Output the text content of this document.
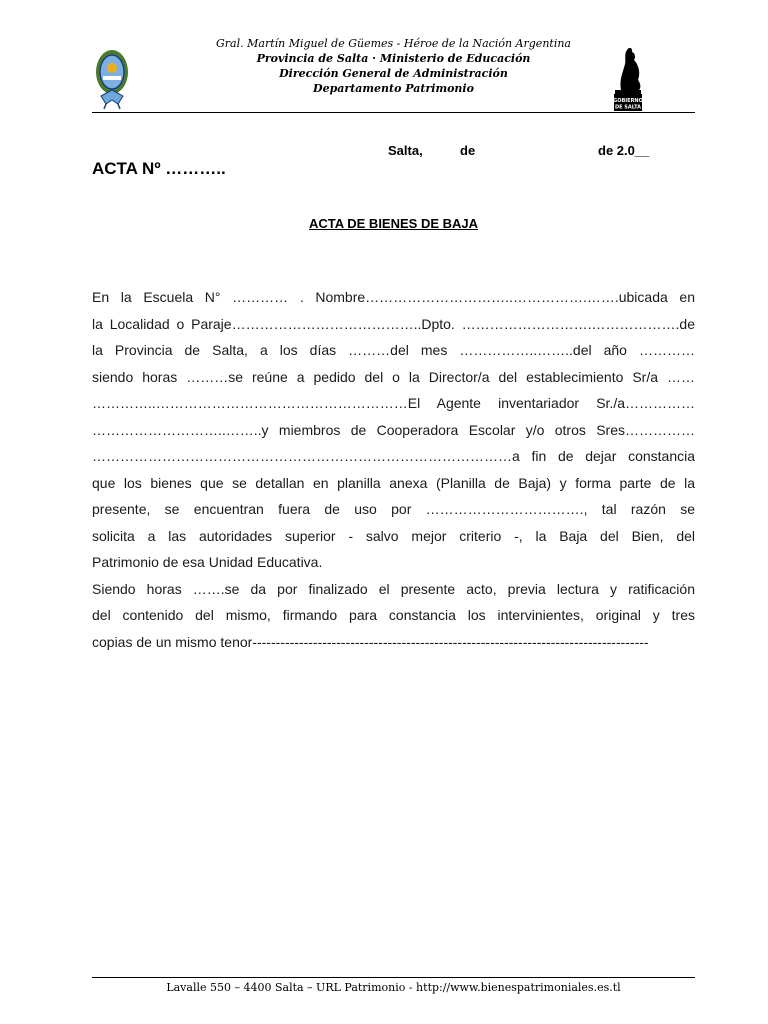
Gral. Martín Miguel de Güemes - Héroe de la Nación Argentina
Provincia de Salta · Ministerio de Educación
Dirección General de Administración
Departamento Patrimonio
GOBIERNO
DE SALTA
Salta,	de	de 2.0__
ACTA Nº ………..
ACTA DE BIENES DE BAJA
En la Escuela N° ………… . Nombre…………………………..…………….…….ubicada en
la Localidad o Paraje…………………………………..Dpto. ……………………….……………….de
la Provincia de Salta, a los días ………del mes ……………..……..del año …………
siendo horas ………se reúne a pedido del o la Director/a del establecimiento Sr/a ……
…………..………………………………………………El Agente inventariador Sr./a……………
………………………..……..y miembros de Cooperadora Escolar y/o otros Sres……………
………………………………………………………………………………a fin de dejar constancia
que los bienes que se detallan en planilla anexa (Planilla de Baja) y forma parte de la
presente, se encuentran fuera de uso por ……………………………., tal razón se
solicita a las autoridades superior - salvo mejor criterio -, la Baja del Bien, del
Patrimonio de esa Unidad Educativa.
Siendo horas …….se da por finalizado el presente acto, previa lectura y ratificación
del contenido del mismo, firmando para constancia los intervinientes, original y tres
copias de un mismo tenor-------------------------------------------------------------------------------------
Lavalle 550 – 4400 Salta – URL Patrimonio - http://www.bienespatrimoniales.es.tl
